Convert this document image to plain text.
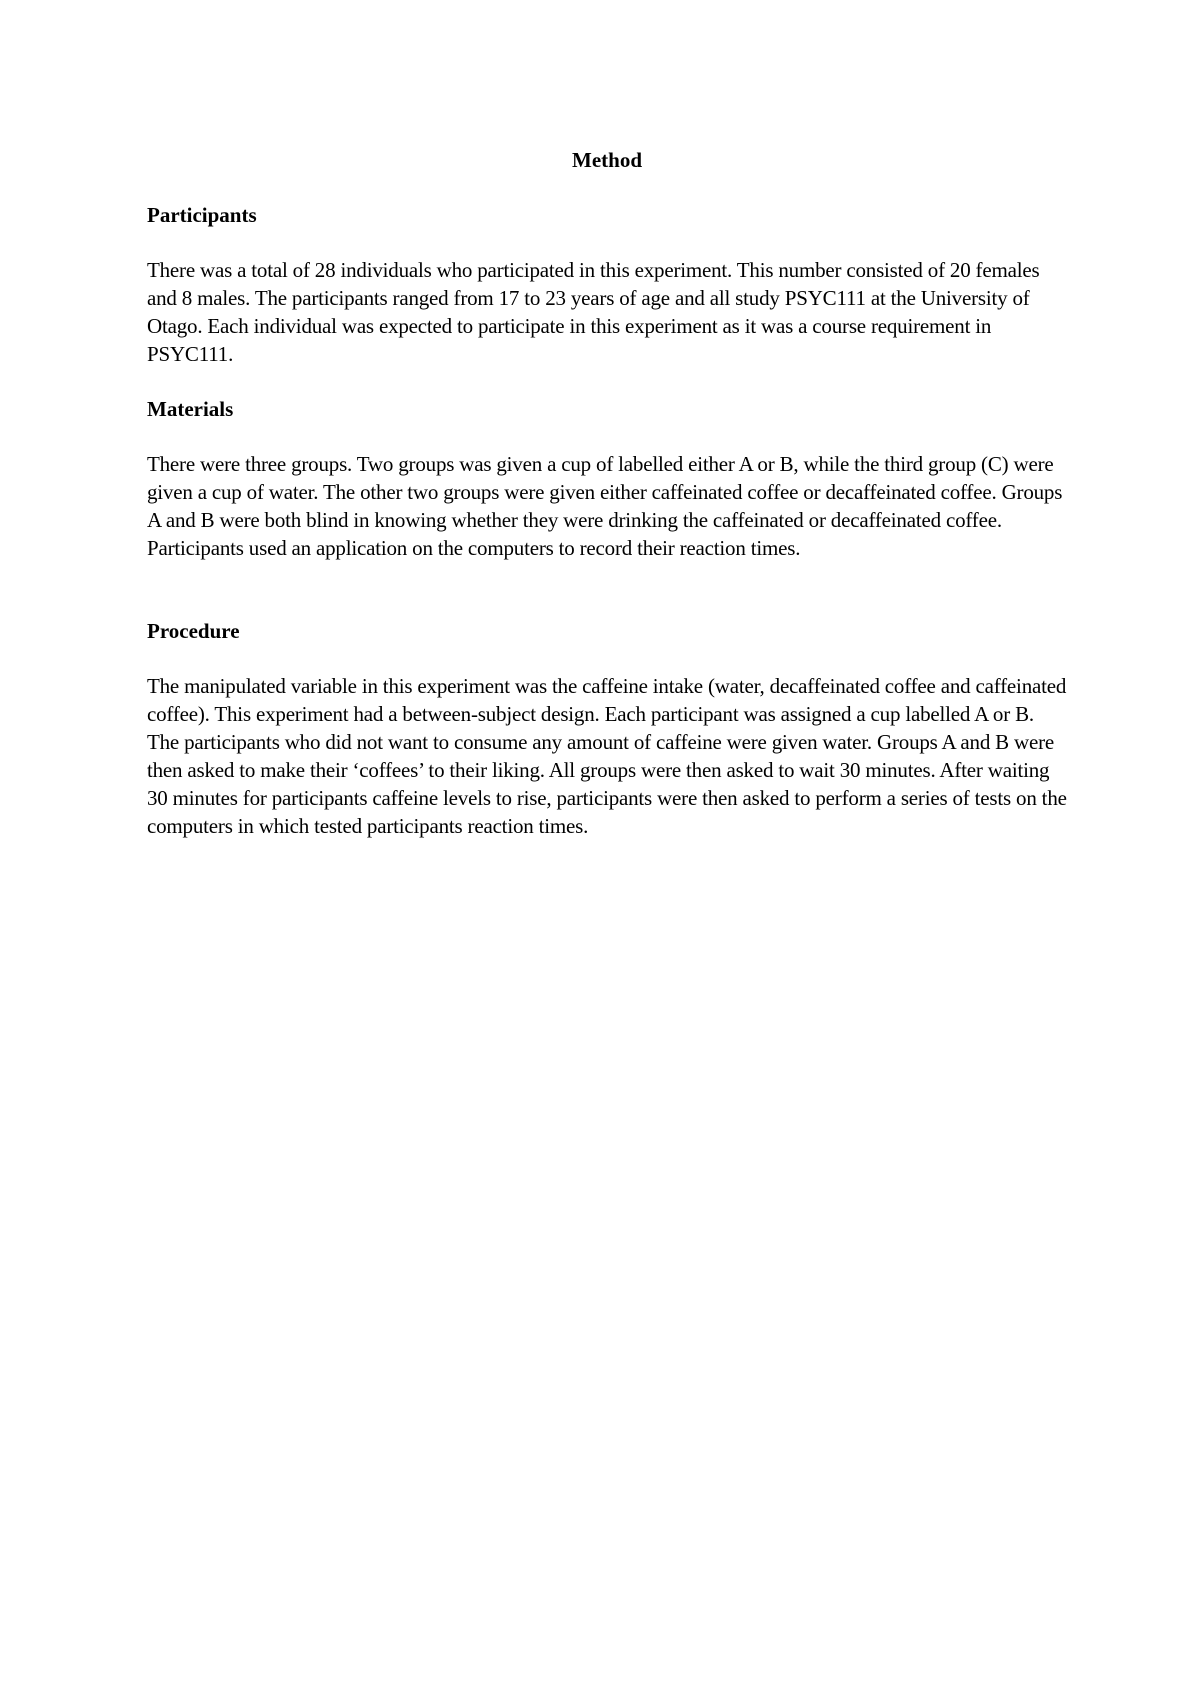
Method
Participants

There was a total of 28 individuals who participated in this experiment. This number consisted of 20 females and 8 males. The participants ranged from 17 to 23 years of age and all study PSYC111 at the University of Otago. Each individual was expected to participate in this experiment as it was a course requirement in PSYC111.

Materials

There were three groups. Two groups was given a cup of labelled either A or B, while the third group (C) were given a cup of water. The other two groups were given either caffeinated coffee or decaffeinated coffee. Groups A and B were both blind in knowing whether they were drinking the caffeinated or decaffeinated coffee. Participants used an application on the computers to record their reaction times.

Procedure

The manipulated variable in this experiment was the caffeine intake (water, decaffeinated coffee and caffeinated coffee). This experiment had a between-subject design. Each participant was assigned a cup labelled A or B. The participants who did not want to consume any amount of caffeine were given water. Groups A and B were then asked to make their ‘coffees’ to their liking. All groups were then asked to wait 30 minutes. After waiting 30 minutes for participants caffeine levels to rise, participants were then asked to perform a series of tests on the computers in which tested participants reaction times.
